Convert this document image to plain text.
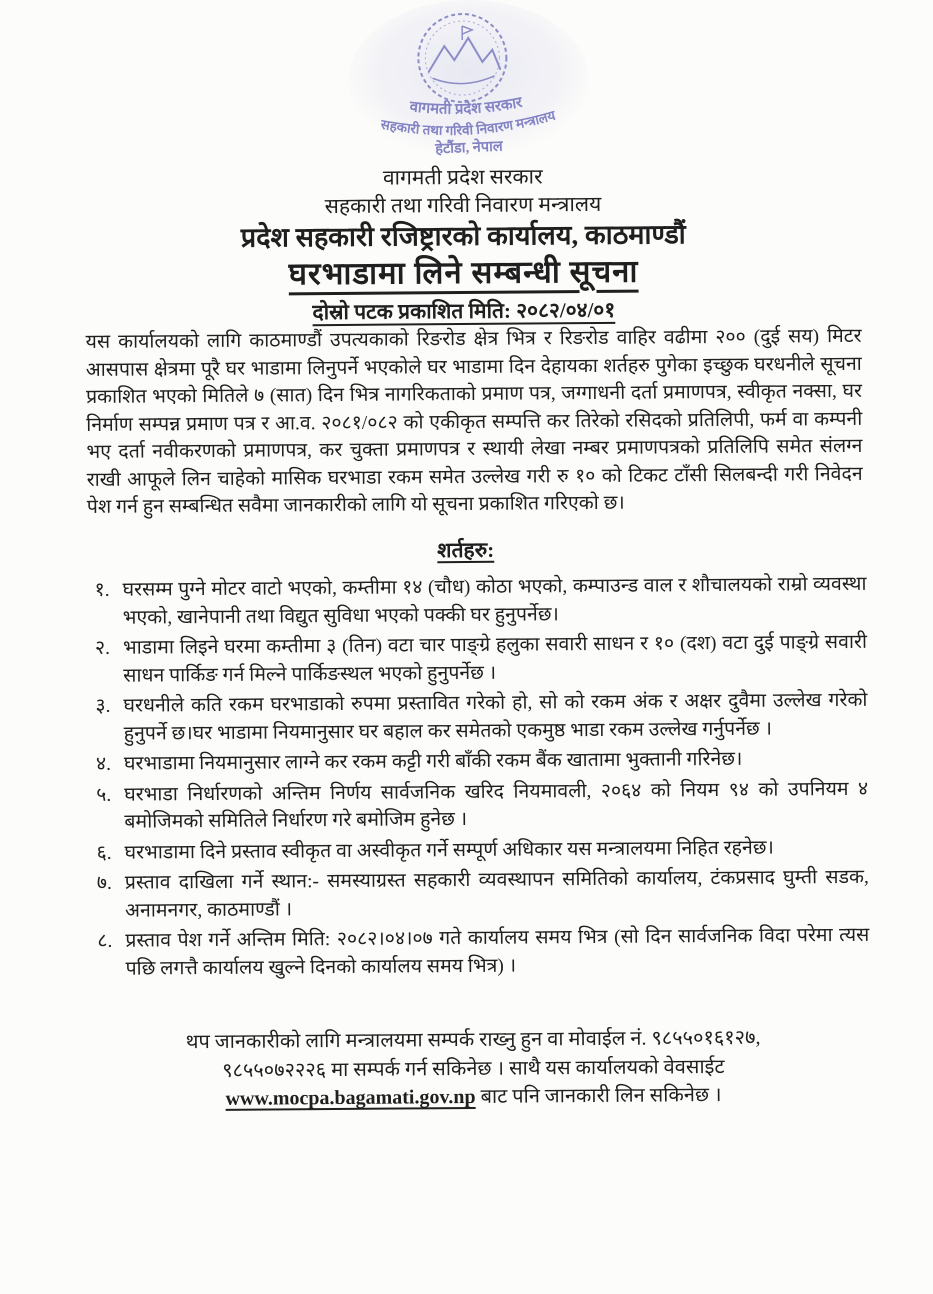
वागमती प्रदेश सरकार
सहकारी तथा गरिवी निवारण मन्त्रालय
हेटौंडा, नेपाल
वागमती प्रदेश सरकार
सहकारी तथा गरिवी निवारण मन्त्रालय
प्रदेश सहकारी रजिष्ट्रारको कार्यालय, काठमाण्डौं
घरभाडामा लिने सम्बन्धी सूचना
दोस्रो पटक प्रकाशित मिति: २०८२/०४/०१
यस कार्यालयको लागि काठमाण्डौं उपत्यकाको रिङरोड क्षेत्र भित्र र रिङरोड वाहिर वढीमा २०० (दुई सय) मिटर आसपास क्षेत्रमा पूरै घर भाडामा लिनुपर्ने भएकोले घर भाडामा दिन देहायका शर्तहरु पुगेका इच्छुक घरधनीले सूचना प्रकाशित भएको मितिले ७ (सात) दिन भित्र नागरिकताको प्रमाण पत्र, जग्गाधनी दर्ता प्रमाणपत्र, स्वीकृत नक्सा, घर निर्माण सम्पन्न प्रमाण पत्र र आ.व. २०८१/०८२ को एकीकृत सम्पत्ति कर तिरेको रसिदको प्रतिलिपी, फर्म वा कम्पनी भए दर्ता नवीकरणको प्रमाणपत्र, कर चुक्ता प्रमाणपत्र र स्थायी लेखा नम्बर प्रमाणपत्रको प्रतिलिपि समेत संलग्न राखी आफूले लिन चाहेको मासिक घरभाडा रकम समेत उल्लेख गरी रु १० को टिकट टाँसी सिलबन्दी गरी निवेदन पेश गर्न हुन सम्बन्धित सवैमा जानकारीको लागि यो सूचना प्रकाशित गरिएको छ।
शर्तहरु:
१. घरसम्म पुग्ने मोटर वाटो भएको, कम्तीमा १४ (चौध) कोठा भएको, कम्पाउन्ड वाल र शौचालयको राम्रो व्यवस्था भएको, खानेपानी तथा विद्युत सुविधा भएको पक्की घर हुनुपर्नेछ।
२. भाडामा लिइने घरमा कम्तीमा ३ (तिन) वटा चार पाङ्ग्रे हलुका सवारी साधन र १० (दश) वटा दुई पाङ्ग्रे सवारी साधन पार्किङ गर्न मिल्ने पार्किङस्थल भएको हुनुपर्नेछ ।
३. घरधनीले कति रकम घरभाडाको रुपमा प्रस्तावित गरेको हो, सो को रकम अंक र अक्षर दुवैमा उल्लेख गरेको हुनुपर्ने छ।घर भाडामा नियमानुसार घर बहाल कर समेतको एकमुष्ठ भाडा रकम उल्लेख गर्नुपर्नेछ ।
४. घरभाडामा नियमानुसार लाग्ने कर रकम कट्टी गरी बाँकी रकम बैंक खातामा भुक्तानी गरिनेछ।
५. घरभाडा निर्धारणको अन्तिम निर्णय सार्वजनिक खरिद नियमावली, २०६४ को नियम ९४ को उपनियम ४ बमोजिमको समितिले निर्धारण गरे बमोजिम हुनेछ ।
६. घरभाडामा दिने प्रस्ताव स्वीकृत वा अस्वीकृत गर्ने सम्पूर्ण अधिकार यस मन्त्रालयमा निहित रहनेछ।
७. प्रस्ताव दाखिला गर्ने स्थान:- समस्याग्रस्त सहकारी व्यवस्थापन समितिको कार्यालय, टंकप्रसाद घुम्ती सडक, अनामनगर, काठमाण्डौं ।
८. प्रस्ताव पेश गर्ने अन्तिम मिति: २०८२।०४।०७ गते कार्यालय समय भित्र (सो दिन सार्वजनिक विदा परेमा त्यस पछि लगत्तै कार्यालय खुल्ने दिनको कार्यालय समय भित्र) ।
थप जानकारीको लागि मन्त्रालयमा सम्पर्क राख्नु हुन वा मोवाईल नं. ९८५५०१६१२७,
९८५५०७२२२६ मा सम्पर्क गर्न सकिनेछ । साथै यस कार्यालयको वेवसाईट
www.mocpa.bagamati.gov.np बाट पनि जानकारी लिन सकिनेछ ।
